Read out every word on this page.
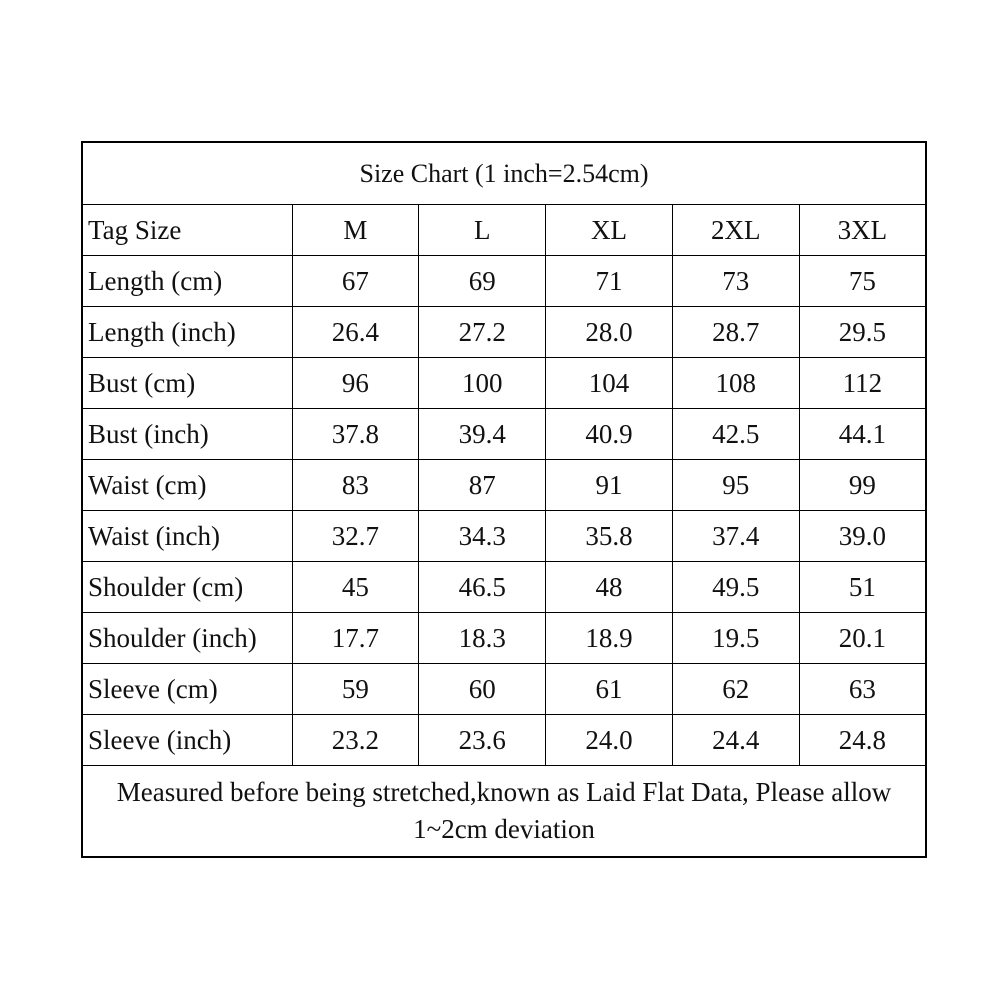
Size Chart (1 inch=2.54cm)					
Tag Size	M	L	XL	2XL	3XL
Length (cm)	67	69	71	73	75
Length (inch)	26.4	27.2	28.0	28.7	29.5
Bust (cm)	96	100	104	108	112
Bust (inch)	37.8	39.4	40.9	42.5	44.1
Waist (cm)	83	87	91	95	99
Waist (inch)	32.7	34.3	35.8	37.4	39.0
Shoulder (cm)	45	46.5	48	49.5	51
Shoulder (inch)	17.7	18.3	18.9	19.5	20.1
Sleeve (cm)	59	60	61	62	63
Sleeve (inch)	23.2	23.6	24.0	24.4	24.8
Measured before being stretched,known as Laid Flat Data, Please allow 1~2cm deviation					
